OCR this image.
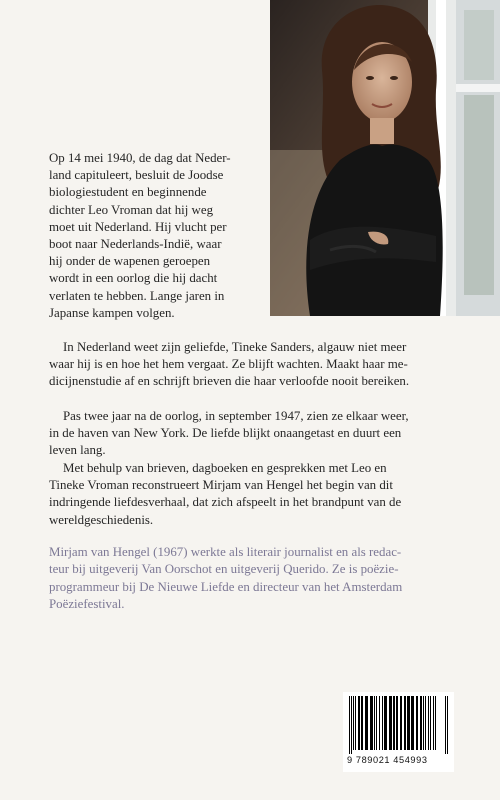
Op 14 mei 1940, de dag dat Neder-
land capituleert, besluit de Joodse
biologiestudent en beginnende
dichter Leo Vroman dat hij weg
moet uit Nederland. Hij vlucht per
boot naar Nederlands-Indië, waar
hij onder de wapenen geroepen
wordt in een oorlog die hij dacht
verlaten te hebben. Lange jaren in
Japanse kampen volgen.

In Nederland weet zijn geliefde, Tineke Sanders, algauw niet meer
waar hij is en hoe het hem vergaat. Ze blijft wachten. Maakt haar me-
dicijnenstudie af en schrijft brieven die haar verloofde nooit bereiken.

Pas twee jaar na de oorlog, in september 1947, zien ze elkaar weer,
in de haven van New York. De liefde blijkt onaangetast en duurt een
leven lang.

Met behulp van brieven, dagboeken en gesprekken met Leo en
Tineke Vroman reconstrueert Mirjam van Hengel het begin van dit
indringende liefdesverhaal, dat zich afspeelt in het brandpunt van de
wereldgeschiedenis.

Mirjam van Hengel (1967) werkte als literair journalist en als redac-
teur bij uitgeverij Van Oorschot en uitgeverij Querido. Ze is poëzie-
programmeur bij De Nieuwe Liefde en directeur van het Amsterdam
Poëziefestival.

9 789021 454993
